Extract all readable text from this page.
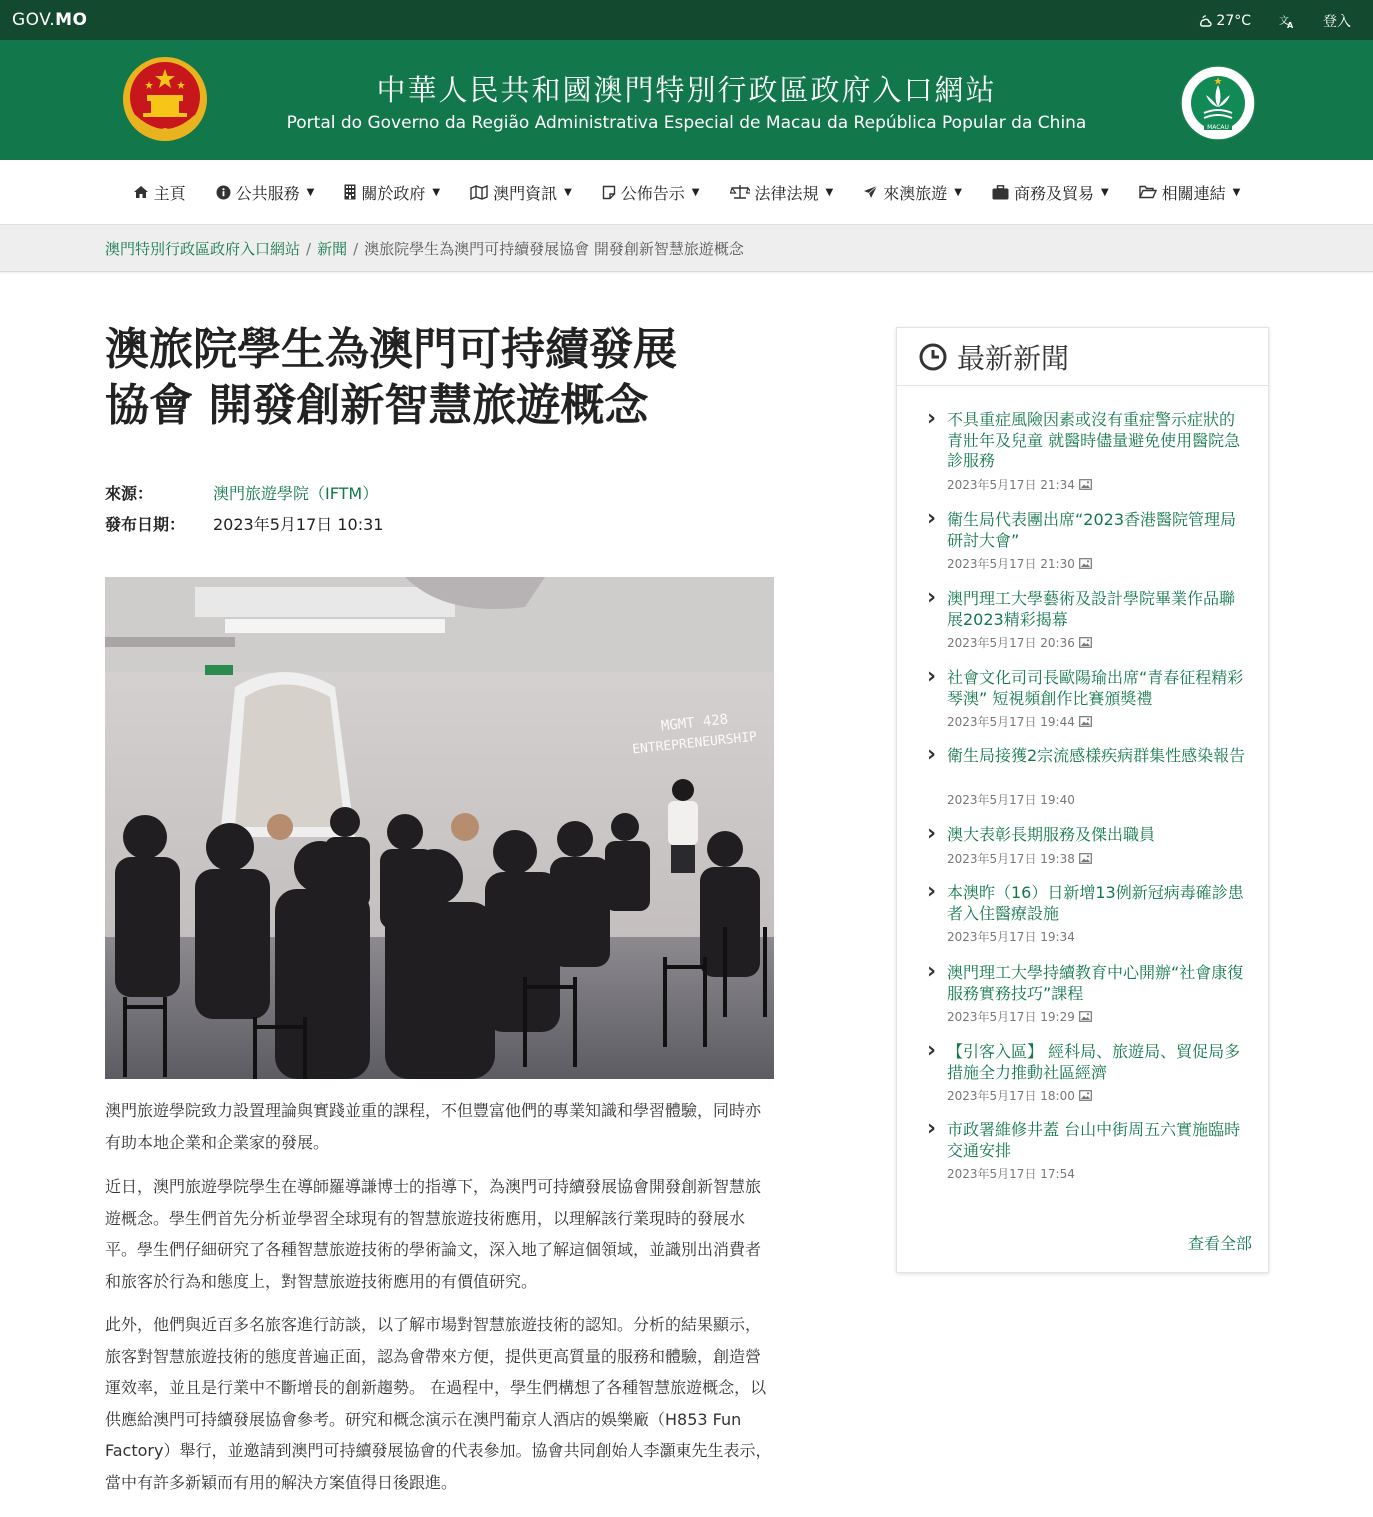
GOV.MO	27°C	文
A 登入
中華人民共和國澳門特別行政區政府入口網站
Portal do Governo da Região Administrativa Especial de Macau da República Popular da China	MACAU
主頁	公共服務 ▼	關於政府 ▼	澳門資訊 ▼	公佈告示 ▼	法律法規 ▼	來澳旅遊 ▼	商務及貿易 ▼	相關連結 ▼
澳門特別行政區政府入口網站 / 新聞 / 澳旅院學生為澳門可持續發展協會 開發創新智慧旅遊概念
澳旅院學生為澳門可持續發展
協會 開發創新智慧旅遊概念
來源：	澳門旅遊學院（IFTM）
發布日期： 2023年5月17日 10:31
MGMT 428
ENTREPRENEURSHIP

澳門旅遊學院致力設置理論與實踐並重的課程，不但豐富他們的專業知識和學習體驗，同時亦有助本地企業和企業家的發展。

近日，澳門旅遊學院學生在導師羅導謙博士的指導下，為澳門可持續發展協會開發創新智慧旅遊概念。學生們首先分析並學習全球現有的智慧旅遊技術應用，以理解該行業現時的發展水平。學生們仔細研究了各種智慧旅遊技術的學術論文，深入地了解這個領域，並識別出消費者和旅客於行為和態度上，對智慧旅遊技術應用的有價值研究。

此外，他們與近百多名旅客進行訪談，以了解市場對智慧旅遊技術的認知。分析的結果顯示，旅客對智慧旅遊技術的態度普遍正面，認為會帶來方便，提供更高質量的服務和體驗，創造營運效率，並且是行業中不斷增長的創新趨勢。 在過程中，學生們構想了各種智慧旅遊概念，以供應給澳門可持續發展協會參考。研究和概念演示在澳門葡京人酒店的娛樂廠（H853 Fun Factory）舉行，並邀請到澳門可持續發展協會的代表參加。協會共同創始人李灝東先生表示，當中有許多新穎而有用的解決方案值得日後跟進。

最新新聞
› 不具重症風險因素或沒有重症警示症狀的青壯年及兒童 就醫時儘量避免使用醫院急診服務
2023年5月17日 21:34
› 衛生局代表團出席“2023香港醫院管理局研討大會”
2023年5月17日 21:30
› 澳門理工大學藝術及設計學院畢業作品聯展2023精彩揭幕
2023年5月17日 20:36
› 社會文化司司長歐陽瑜出席“青春征程精彩琴澳” 短視頻創作比賽頒獎禮
2023年5月17日 19:44
› 衛生局接獲2宗流感樣疾病群集性感染報告
2023年5月17日 19:40
› 澳大表彰長期服務及傑出職員
2023年5月17日 19:38
› 本澳昨（16）日新增13例新冠病毒確診患者入住醫療設施
2023年5月17日 19:34
› 澳門理工大學持續教育中心開辦“社會康復服務實務技巧”課程
2023年5月17日 19:29
› 【引客入區】 經科局、旅遊局、貿促局多措施全力推動社區經濟
2023年5月17日 18:00
› 市政署維修井蓋 台山中街周五六實施臨時交通安排
2023年5月17日 17:54
查看全部
